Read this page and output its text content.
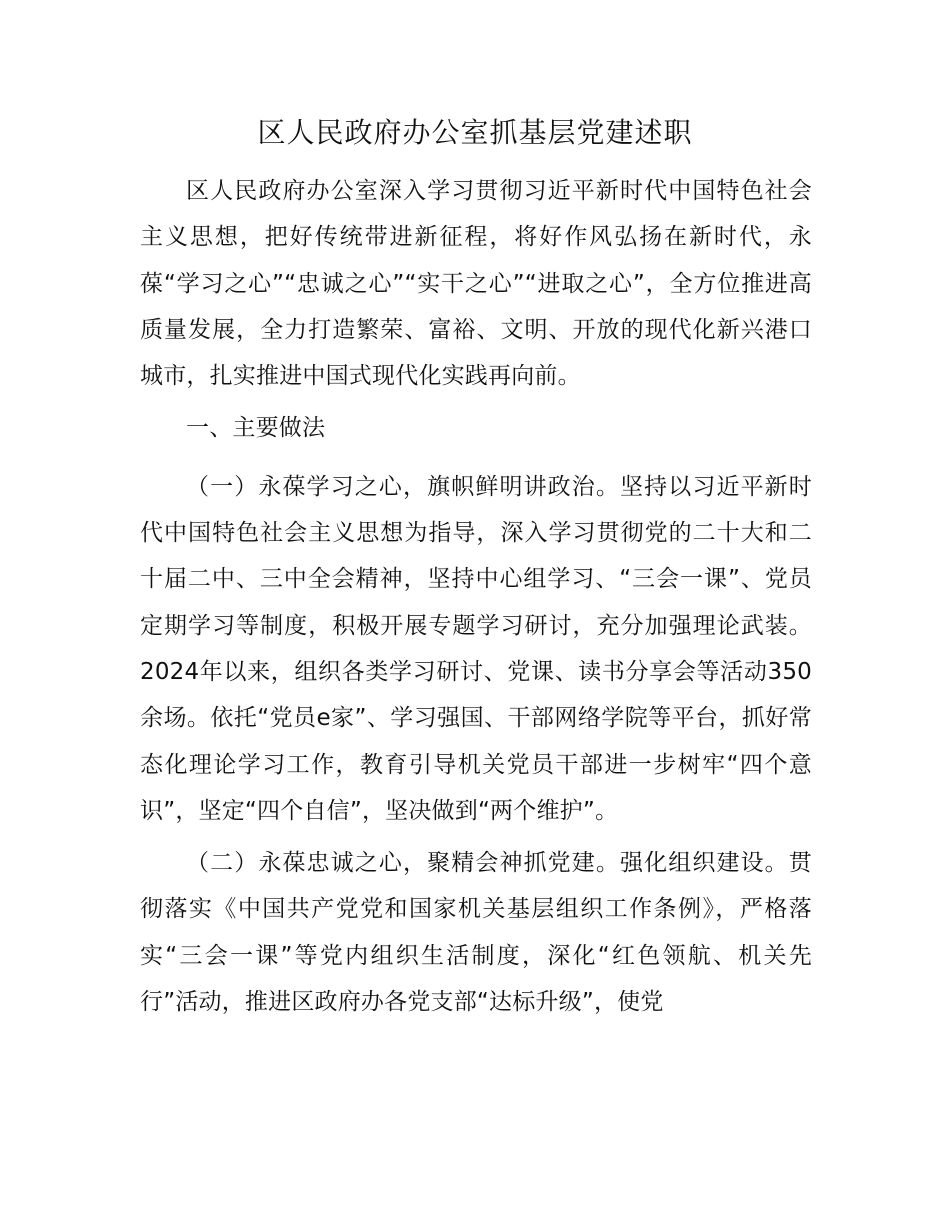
区人民政府办公室抓基层党建述职

区人民政府办公室深入学习贯彻习近平新时代中国特色社会主义思想，把好传统带进新征程，将好作风弘扬在新时代，永葆“学习之心”“忠诚之心”“实干之心”“进取之心”，全方位推进高质量发展，全力打造繁荣、富裕、文明、开放的现代化新兴港口城市，扎实推进中国式现代化实践再向前。

一、主要做法

（一）永葆学习之心，旗帜鲜明讲政治。坚持以习近平新时代中国特色社会主义思想为指导，深入学习贯彻党的二十大和二十届二中、三中全会精神，坚持中心组学习、“三会一课”、党员定期学习等制度，积极开展专题学习研讨，充分加强理论武装。2024年以来，组织各类学习研讨、党课、读书分享会等活动350余场。依托“党员e家”、学习强国、干部网络学院等平台，抓好常态化理论学习工作，教育引导机关党员干部进一步树牢“四个意识”，坚定“四个自信”，坚决做到“两个维护”。

（二）永葆忠诚之心，聚精会神抓党建。强化组织建设。贯彻落实《中国共产党党和国家机关基层组织工作条例》，严格落实“三会一课”等党内组织生活制度，深化“红色领航、机关先行”活动，推进区政府办各党支部“达标升级”，使党
